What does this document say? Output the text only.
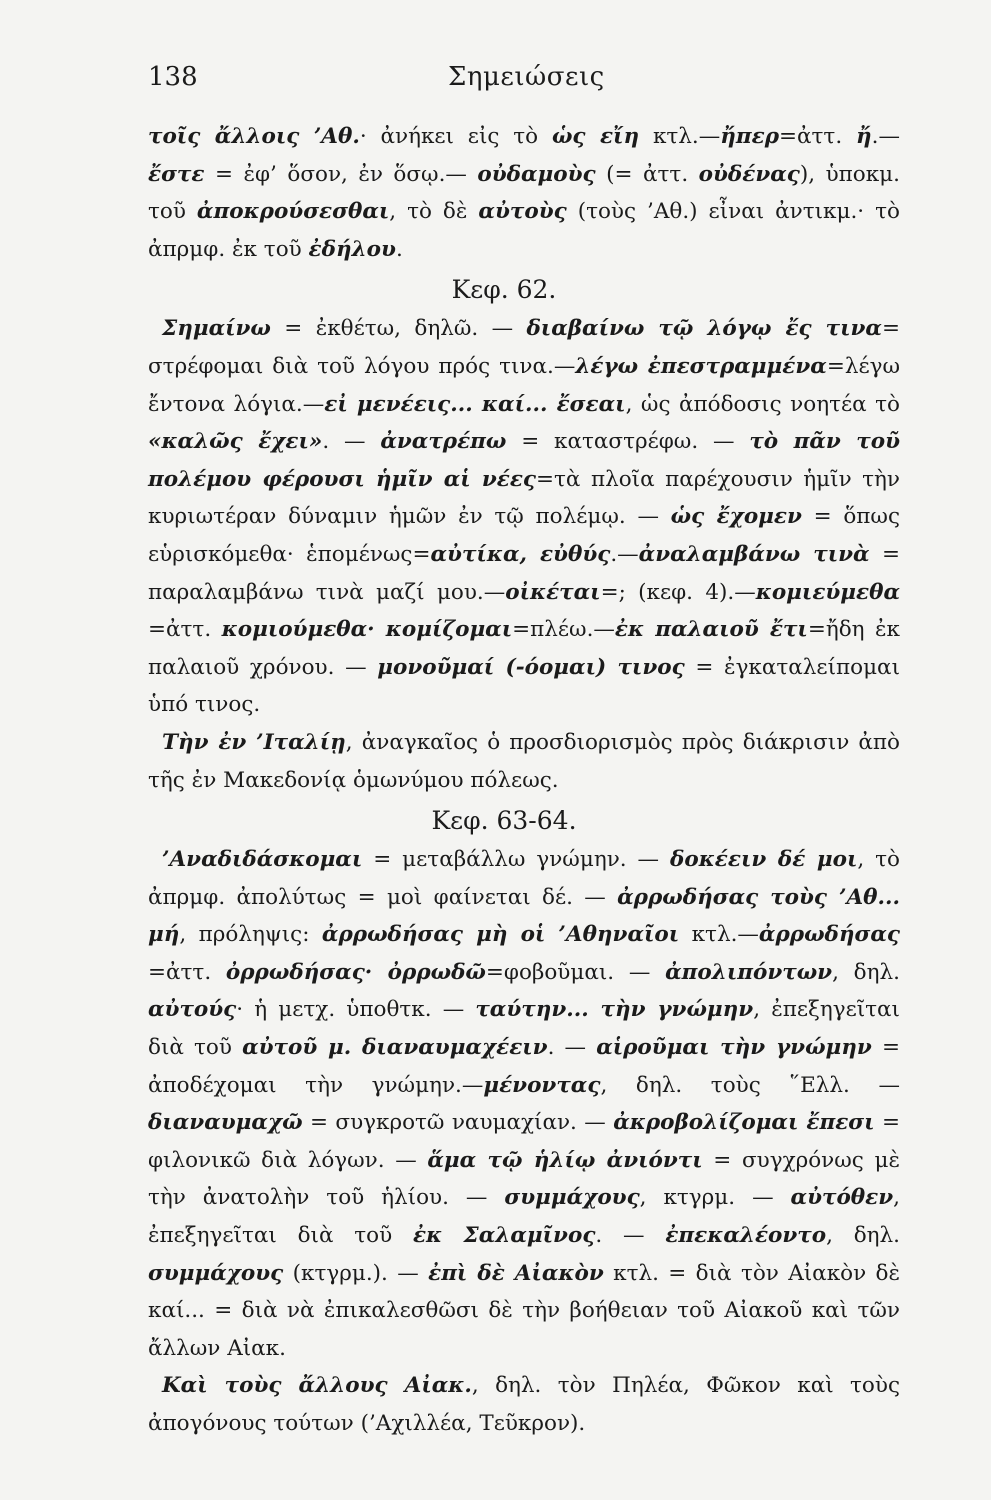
138	Σημειώσεις

τοῖς ἄλλοις ’Αθ.· ἀνήκει εἰς τὸ ὡς εἴη κτλ.—ἤπερ=ἀττ. ἤ.— ἔστε = ἐφ’ ὅσον, ἐν ὅσῳ.— οὐδαμοὺς (= ἀττ. οὐδένας), ὑποκμ. τοῦ ἀποκρούσεσθαι, τὸ δὲ αὐτοὺς (τοὺς ’Αθ.) εἶναι ἀντικμ.· τὸ ἀπρμφ. ἐκ τοῦ ἐδήλου.

Κεφ. 62.

Σημαίνω = ἐκθέτω, δηλῶ. — διαβαίνω τῷ λόγῳ ἔς τινα= στρέφομαι διὰ τοῦ λόγου πρός τινα.—λέγω ἐπεστραμμένα=λέγω ἔντονα λόγια.—εἰ μενέεις... καί... ἔσεαι, ὡς ἀπόδοσις νοητέα τὸ «καλῶς ἔχει». — ἀνατρέπω = καταστρέφω. — τὸ πᾶν τοῦ πολέμου φέρουσι ἡμῖν αἱ νέες=τὰ πλοῖα παρέχουσιν ἡμῖν τὴν κυριωτέραν δύναμιν ἡμῶν ἐν τῷ πολέμῳ. — ὡς ἔχομεν = ὅπως εὑρισκόμεθα· ἑπομένως=αὐτίκα, εὐθύς.—ἀναλαμβάνω τινὰ = παραλαμβάνω τινὰ μαζί μου.—οἰκέται=; (κεφ. 4).—κομιεύμεθα =ἀττ. κομιούμεθα· κομίζομαι=πλέω.—ἐκ παλαιοῦ ἔτι=ἤδη ἐκ παλαιοῦ χρόνου. — μονοῦμαί (-όομαι) τινος = ἐγκαταλείπομαι ὑπό τινος.

Τὴν ἐν ’Ιταλίῃ, ἀναγκαῖος ὁ προσδιορισμὸς πρὸς διάκρισιν ἀπὸ τῆς ἐν Μακεδονίᾳ ὁμωνύμου πόλεως.

Κεφ. 63-64.

’Αναδιδάσκομαι = μεταβάλλω γνώμην. — δοκέειν δέ μοι, τὸ ἀπρμφ. ἀπολύτως = μοὶ φαίνεται δέ. — ἀρρωδήσας τοὺς ’Αθ... μή, πρόληψις: ἀρρωδήσας μὴ οἱ ’Αθηναῖοι κτλ.—ἀρρωδήσας =ἀττ. ὀρρωδήσας· ὀρρωδῶ=φοβοῦμαι. — ἀπολιπόντων, δηλ. αὐτούς· ἡ μετχ. ὑποθτκ. — ταύτην... τὴν γνώμην, ἐπεξηγεῖται διὰ τοῦ αὐτοῦ μ. διαναυμαχέειν. — αἱροῦμαι τὴν γνώμην = ἀποδέχομαι τὴν γνώμην.—μένοντας, δηλ. τοὺς ῞Ελλ. — διαναυμαχῶ = συγκροτῶ ναυμαχίαν. — ἀκροβολίζομαι ἔπεσι = φιλονικῶ διὰ λόγων. — ἅμα τῷ ἡλίῳ ἀνιόντι = συγχρόνως μὲ τὴν ἀνατολὴν τοῦ ἡλίου. — συμμάχους, κτγρμ. — αὐτόθεν, ἐπεξηγεῖται διὰ τοῦ ἐκ Σαλαμῖνος. — ἐπεκαλέοντο, δηλ. συμμάχους (κτγρμ.). — ἐπὶ δὲ Αἰακὸν κτλ. = διὰ τὸν Αἰακὸν δὲ καί... = διὰ νὰ ἐπικαλεσθῶσι δὲ τὴν βοήθειαν τοῦ Αἰακοῦ καὶ τῶν ἄλλων Αἰακ.

Καὶ τοὺς ἄλλους Αἰακ., δηλ. τὸν Πηλέα, Φῶκον καὶ τοὺς ἀπογόνους τούτων (’Αχιλλέα, Τεῦκρον).
